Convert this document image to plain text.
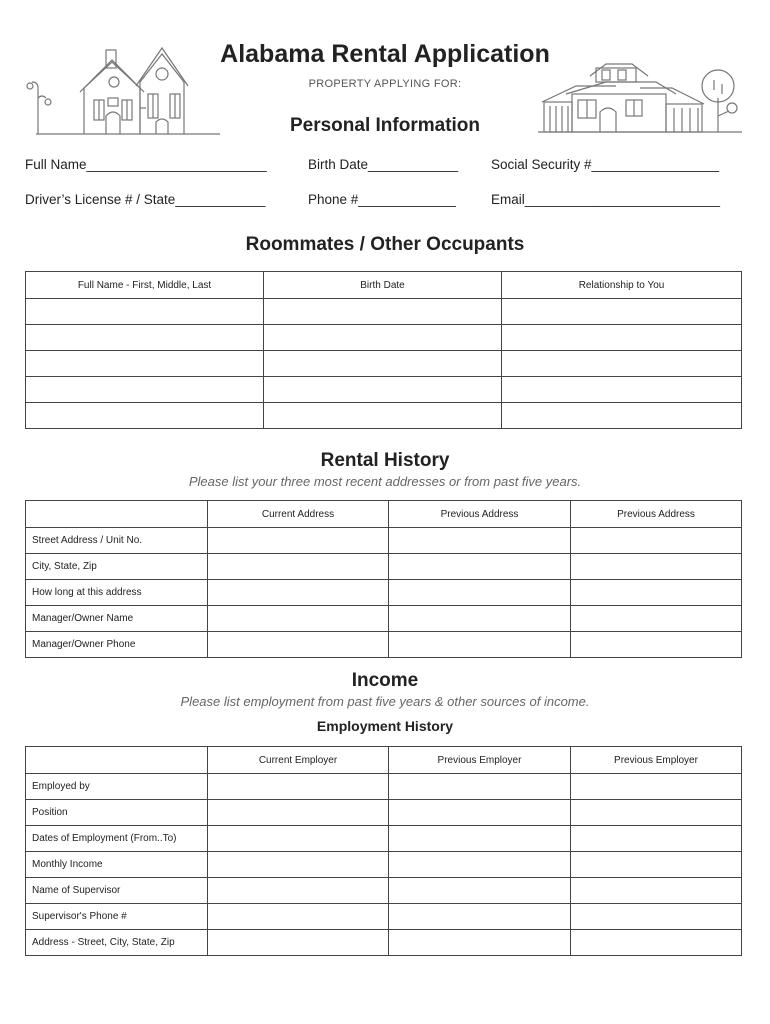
Alabama Rental Application
PROPERTY APPLYING FOR:
Personal Information
Full Name________________________	Birth Date____________ Social Security #_________________
Driver’s License # / State____________	Phone #_____________	Email__________________________
Roommates / Other Occupants
Full Name - First, Middle, Last	Birth Date	Relationship to You

Rental History
Please list your three most recent addresses or from past five years.
	Current Address	Previous Address	Previous Address
Street Address / Unit No.			
City, State, Zip			
How long at this address			
Manager/Owner Name			
Manager/Owner Phone			
Income
Please list employment from past five years & other sources of income.
Employment History
	Current Employer	Previous Employer	Previous Employer
Employed by			
Position			
Dates of Employment (From..To)			
Monthly Income			
Name of Supervisor			
Supervisor's Phone #			
Address - Street, City, State, Zip			
